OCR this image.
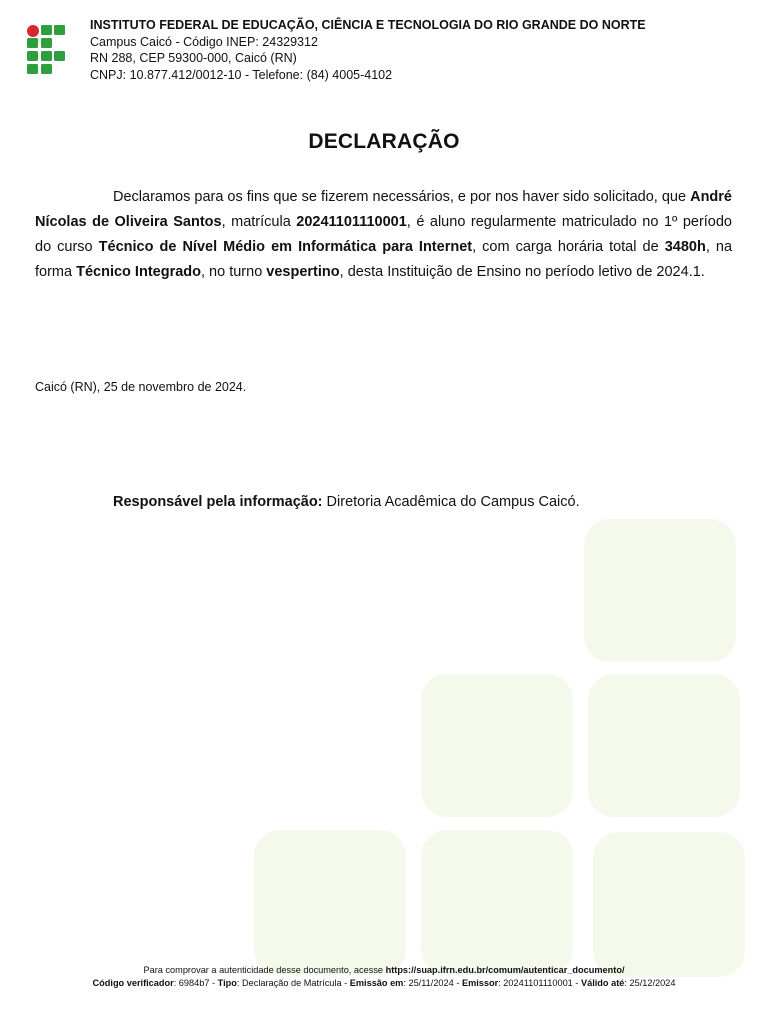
INSTITUTO FEDERAL DE EDUCAÇÃO, CIÊNCIA E TECNOLOGIA DO RIO GRANDE DO NORTE
Campus Caicó - Código INEP: 24329312
RN 288, CEP 59300-000, Caicó (RN)
CNPJ: 10.877.412/0012-10 - Telefone: (84) 4005-4102
DECLARAÇÃO
Declaramos para os fins que se fizerem necessários, e por nos haver sido solicitado, que André Nícolas de Oliveira Santos, matrícula 20241101110001, é aluno regularmente matriculado no 1º período do curso Técnico de Nível Médio em Informática para Internet, com carga horária total de 3480h, na forma Técnico Integrado, no turno vespertino, desta Instituição de Ensino no período letivo de 2024.1.
Caicó (RN), 25 de novembro de 2024.
Responsável pela informação: Diretoria Acadêmica do Campus Caicó.
Para comprovar a autenticidade desse documento, acesse https://suap.ifrn.edu.br/comum/autenticar_documento/
Código verificador: 6984b7 - Tipo: Declaração de Matrícula - Emissão em: 25/11/2024 - Emissor: 20241101110001 - Válido até: 25/12/2024
